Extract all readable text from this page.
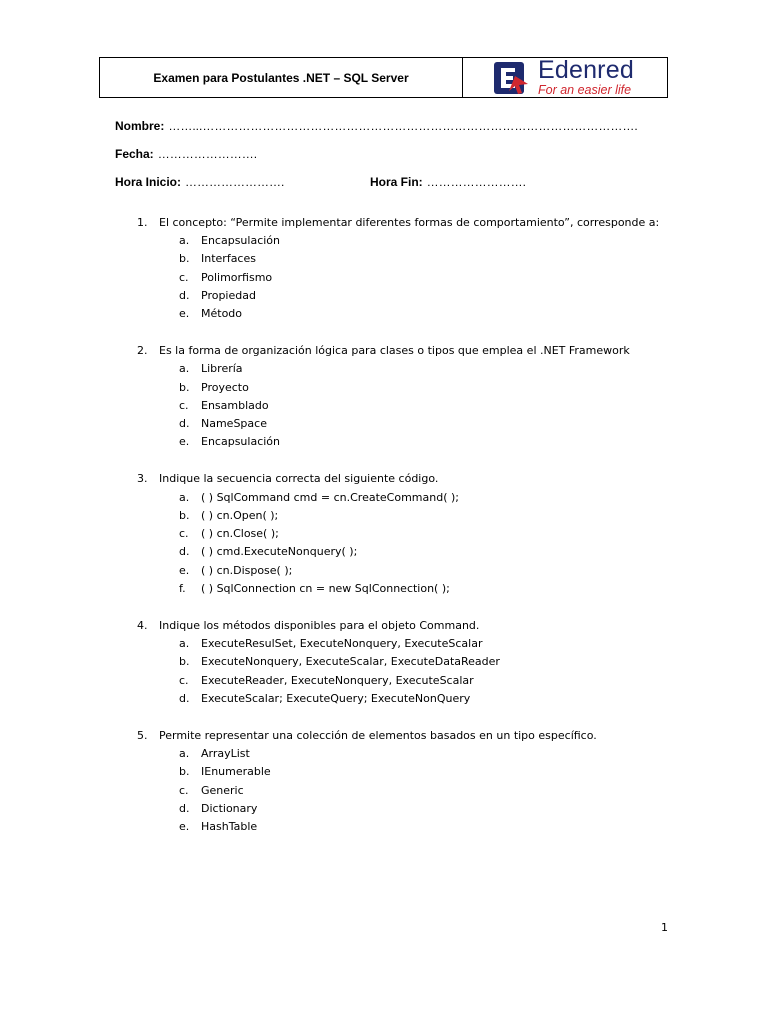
Examen para Postulantes .NET – SQL Server	Edenred
For an easier life
Nombre: ……...……………………………………………………………………………………………….
Fecha: …………………….
Hora Inicio: …………………….	Hora Fin: …………………….
1.	El concepto: “Permite implementar diferentes formas de comportamiento”, corresponde a:
a.	Encapsulación
b.	Interfaces
c.	Polimorfismo
d.	Propiedad
e.	Método
2.	Es la forma de organización lógica para clases o tipos que emplea el .NET Framework
a.	Librería
b.	Proyecto
c.	Ensamblado
d.	NameSpace
e.	Encapsulación
3.	Indique la secuencia correcta del siguiente código.
a.	( ) SqlCommand cmd = cn.CreateCommand( );
b.	( ) cn.Open( );
c.	( ) cn.Close( );
d.	( ) cmd.ExecuteNonquery( );
e.	( ) cn.Dispose( );
f.	( ) SqlConnection cn = new SqlConnection( );
4.	Indique los métodos disponibles para el objeto Command.
a.	ExecuteResulSet, ExecuteNonquery, ExecuteScalar
b.	ExecuteNonquery, ExecuteScalar, ExecuteDataReader
c.	ExecuteReader, ExecuteNonquery, ExecuteScalar
d.	ExecuteScalar; ExecuteQuery; ExecuteNonQuery
5.	Permite representar una colección de elementos basados en un tipo específico.
a.	ArrayList
b.	IEnumerable
c.	Generic
d.	Dictionary
e.	HashTable
1
